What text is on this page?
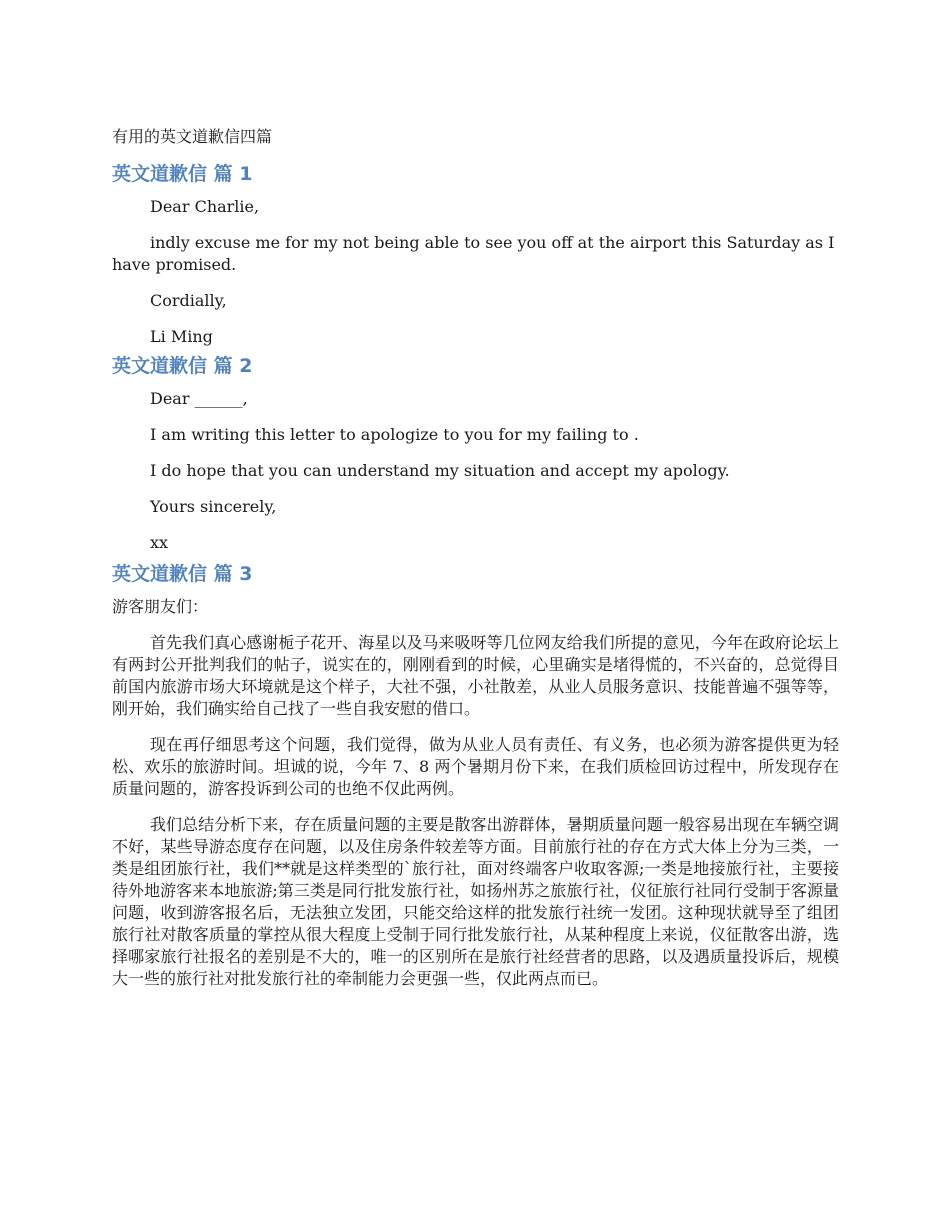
有用的英文道歉信四篇
英文道歉信 篇 1

Dear Charlie,

indly excuse me for my not being able to see you off at the airport this Saturday as I have promised.

Cordially,

Li Ming

英文道歉信 篇 2

Dear ______,

I am writing this letter to apologize to you for my failing to .

I do hope that you can understand my situation and accept my apology.

Yours sincerely,

xx

英文道歉信 篇 3

游客朋友们：

首先我们真心感谢栀子花开、海星以及马来吸呀等几位网友给我们所提的意见，今年在政府论坛上有两封公开批判我们的帖子，说实在的，刚刚看到的时候，心里确实是堵得慌的，不兴奋的，总觉得目前国内旅游市场大环境就是这个样子，大社不强，小社散差，从业人员服务意识、技能普遍不强等等，刚开始，我们确实给自己找了一些自我安慰的借口。

现在再仔细思考这个问题，我们觉得，做为从业人员有责任、有义务，也必须为游客提供更为轻松、欢乐的旅游时间。坦诚的说，今年 7、8 两个暑期月份下来，在我们质检回访过程中，所发现存在质量问题的，游客投诉到公司的也绝不仅此两例。

我们总结分析下来，存在质量问题的主要是散客出游群体，暑期质量问题一般容易出现在车辆空调不好，某些导游态度存在问题，以及住房条件较差等方面。目前旅行社的存在方式大体上分为三类，一类是组团旅行社，我们**就是这样类型的`旅行社，面对终端客户收取客源;一类是地接旅行社，主要接待外地游客来本地旅游;第三类是同行批发旅行社，如扬州苏之旅旅行社，仪征旅行社同行受制于客源量问题，收到游客报名后，无法独立发团，只能交给这样的批发旅行社统一发团。这种现状就导至了组团旅行社对散客质量的掌控从很大程度上受制于同行批发旅行社，从某种程度上来说，仪征散客出游，选择哪家旅行社报名的差别是不大的，唯一的区别所在是旅行社经营者的思路，以及遇质量投诉后，规模大一些的旅行社对批发旅行社的牵制能力会更强一些，仅此两点而已。
